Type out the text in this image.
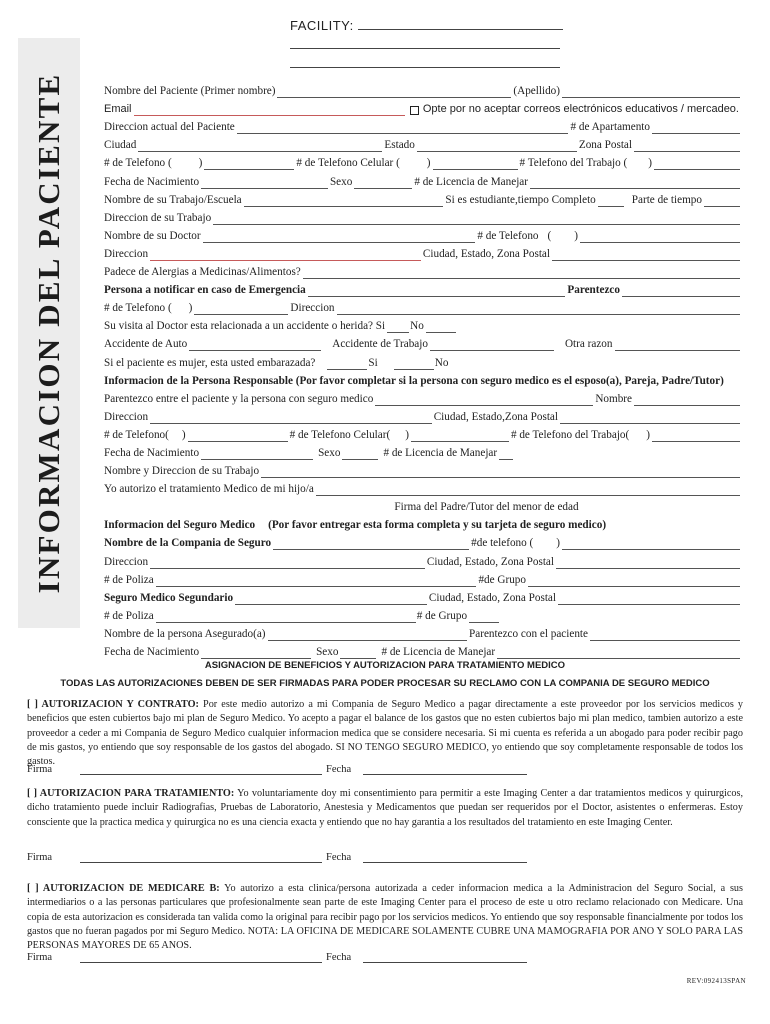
FACILITY:
INFORMACION DEL PACIENTE	Nombre del Paciente (Primer nombre)	(Apellido)
Email	Opte por no aceptar correos electrónicos educativos / mercadeo.
Direccion actual del Paciente	# de Apartamento
Ciudad	Estado	Zona Postal
# de Telefono ( )	# de Telefono Celular ( )	# Telefono del Trabajo ( )
Fecha de Nacimiento	Sexo	# de Licencia de Manejar
Nombre de su Trabajo/Escuela	Si es estudiante,tiempo Completo	Parte de tiempo
Direccion de su Trabajo
Nombre de su Doctor	# de Telefono ( )
Direccion	Ciudad, Estado, Zona Postal
Padece de Alergias a Medicinas/Alimentos?
Persona a notificar en caso de Emergencia	Parentezco
# de Telefono ( )	Direccion
Su visita al Doctor esta relacionada a un accidente o herida? Si No
Accidente de Auto	Accidente de Trabajo	Otra razon
Si el paciente es mujer, esta usted embarazada?	Si	No
Informacion de la Persona Responsable (Por favor completar si la persona con seguro medico es el esposo(a), Pareja, Padre/Tutor)
Parentezco entre el paciente y la persona con seguro medico	Nombre
Direccion	Ciudad, Estado,Zona Postal
# de Telefono( )	# de Telefono Celular( )	# de Telefono del Trabajo( )
Fecha de Nacimiento	Sexo	# de Licencia de Manejar
Nombre y Direccion de su Trabajo
Yo autorizo el tratamiento Medico de mi hijo/a
Firma del Padre/Tutor del menor de edad
Informacion del Seguro Medico (Por favor entregar esta forma completa y su tarjeta de seguro medico)
Nombre de la Compania de Seguro	#de telefono ( )
Direccion	Ciudad, Estado, Zona Postal
# de Poliza	#de Grupo
Seguro Medico Segundario	Ciudad, Estado, Zona Postal
# de Poliza	# de Grupo
Nombre de la persona Asegurado(a)	Parentezco con el paciente
Fecha de Nacimiento	Sexo	# de Licencia de Manejar
ASIGNACION DE BENEFICIOS Y AUTORIZACION PARA TRATAMIENTO MEDICO
TODAS LAS AUTORIZACIONES DEBEN DE SER FIRMADAS PARA PODER PROCESAR SU RECLAMO CON LA COMPANIA DE SEGURO MEDICO
[ ] AUTORIZACION Y CONTRATO: Por este medio autorizo a mi Compania de Seguro Medico a pagar directamente a este proveedor por los servicios medicos y beneficios que esten cubiertos bajo mi plan de Seguro Medico. Yo acepto a pagar el balance de los gastos que no esten cubiertos bajo mi plan medico, tambien autorizo a este proveedor a ceder a mi Compania de Seguro Medico cualquier informacion medica que se considere necesaria. Si mi cuenta es referida a un abogado para poder recibir pago de mis gastos, yo entiendo que soy responsable de los gastos del abogado. SI NO TENGO SEGURO MEDICO, yo entiendo que soy completamente responsable de todos los gastos.
Firma	Fecha
[ ] AUTORIZACION PARA TRATAMIENTO: Yo voluntariamente doy mi consentimiento para permitir a este Imaging Center a dar tratamientos medicos y quirurgicos, dicho tratamiento puede incluir Radiografias, Pruebas de Laboratorio, Anestesia y Medicamentos que puedan ser requeridos por el Doctor, asistentes o enfermeras. Estoy consciente que la practica medica y quirurgica no es una ciencia exacta y entiendo que no hay garantia a los resultados del tratamiento en este Imaging Center.
Firma	Fecha
[ ] AUTORIZACION DE MEDICARE B: Yo autorizo a esta clinica/persona autorizada a ceder informacion medica a la Administracion del Seguro Social, a sus intermediarios o a las personas particulares que profesionalmente sean parte de este Imaging Center para el proceso de este u otro reclamo relacionado con Medicare. Una copia de esta autorizacion es considerada tan valida como la original para recibir pago por los servicios medicos. Yo entiendo que soy responsable financialmente por todos los gastos que no fueran pagados por mi Seguro Medico. NOTA: LA OFICINA DE MEDICARE SOLAMENTE CUBRE UNA MAMOGRAFIA POR ANO Y SOLO PARA LAS PERSONAS MAYORES DE 65 ANOS.
Firma	Fecha
REV:092413SPAN
